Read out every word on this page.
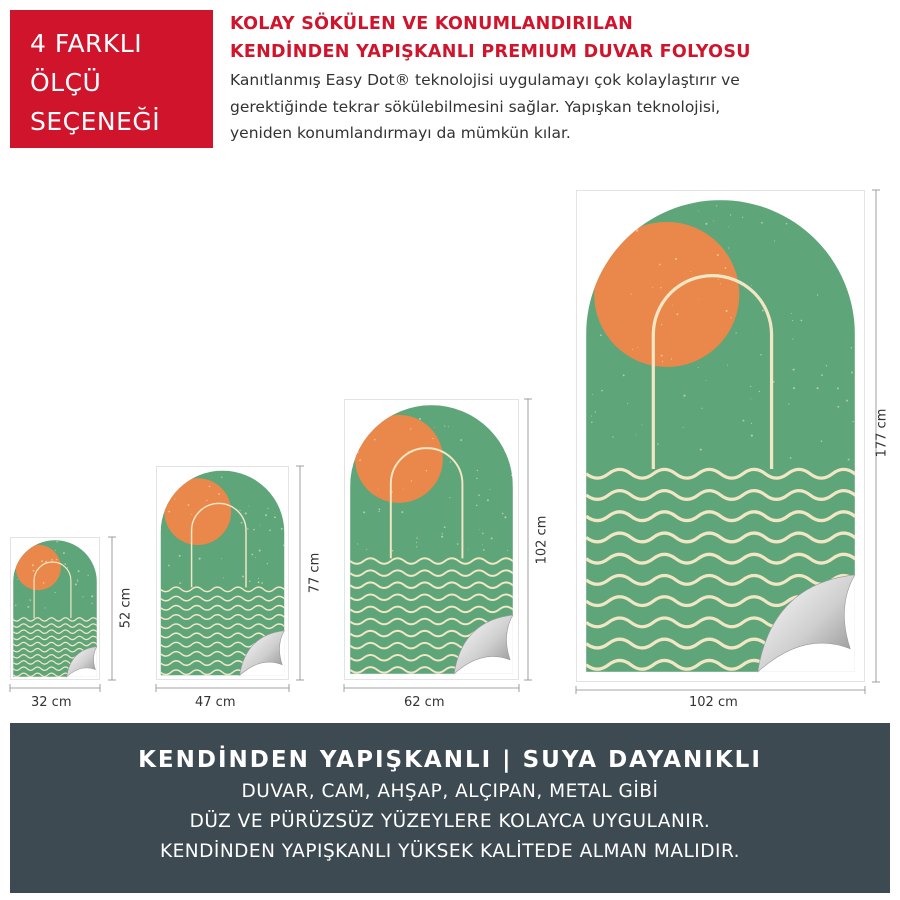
4 FARKLI
ÖLÇÜ
SEÇENEĞİ
KOLAY SÖKÜLEN VE KONUMLANDIRILAN
KENDİNDEN YAPIŞKANLI PREMIUM DUVAR FOLYOSU
Kanıtlanmış Easy Dot® teknolojisi uygulamayı çok kolaylaştırır ve
gerektiğinde tekrar sökülebilmesini sağlar. Yapışkan teknolojisi,
yeniden konumlandırmayı da mümkün kılar.
32 cm	47 cm	62 cm	102 cm
52 cm
77 cm
102 cm
177 cm
KENDİNDEN YAPIŞKANLI | SUYA DAYANIKLI
DUVAR, CAM, AHŞAP, ALÇIPAN, METAL GİBİ
DÜZ VE PÜRÜZSÜZ YÜZEYLERE KOLAYCA UYGULANIR.
KENDİNDEN YAPIŞKANLI YÜKSEK KALİTEDE ALMAN MALIDIR.
